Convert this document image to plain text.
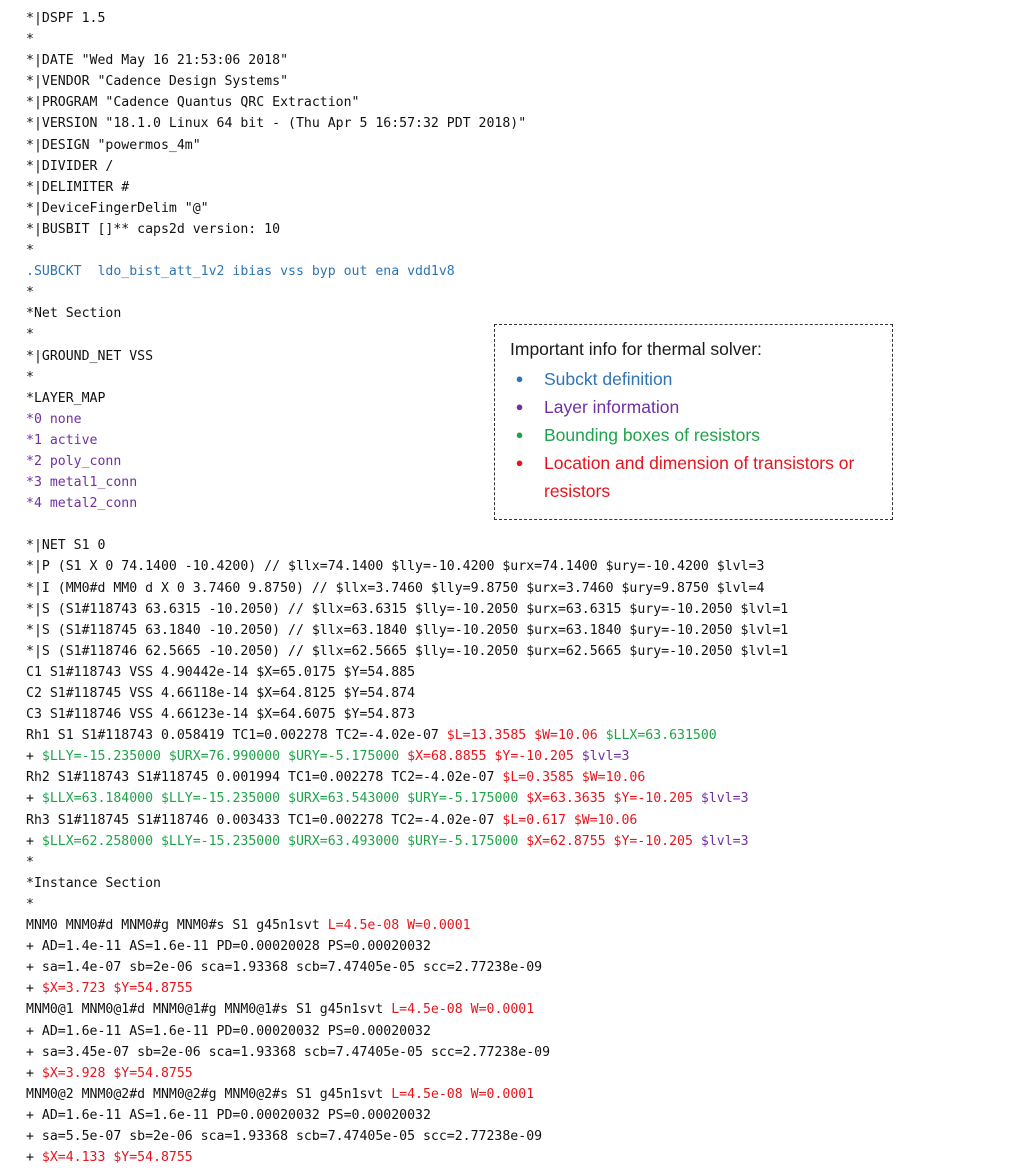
*|DSPF 1.5
*
*|DATE "Wed May 16 21:53:06 2018"
*|VENDOR "Cadence Design Systems"
*|PROGRAM "Cadence Quantus QRC Extraction"
*|VERSION "18.1.0 Linux 64 bit - (Thu Apr 5 16:57:32 PDT 2018)"
*|DESIGN "powermos_4m"
*|DIVIDER /
*|DELIMITER #
*|DeviceFingerDelim "@"
*|BUSBIT []** caps2d version: 10
*
.SUBCKT  ldo_bist_att_1v2 ibias vss byp out ena vdd1v8
*
*Net Section
*
*|GROUND_NET VSS
*
*LAYER_MAP
*0 none
*1 active
*2 poly_conn
*3 metal1_conn
*4 metal2_conn
*|NET S1 0
*|P (S1 X 0 74.1400 -10.4200) // $llx=74.1400 $lly=-10.4200 $urx=74.1400 $ury=-10.4200 $lvl=3
*|I (MM0#d MM0 d X 0 3.7460 9.8750) // $llx=3.7460 $lly=9.8750 $urx=3.7460 $ury=9.8750 $lvl=4
*|S (S1#118743 63.6315 -10.2050) // $llx=63.6315 $lly=-10.2050 $urx=63.6315 $ury=-10.2050 $lvl=1
*|S (S1#118745 63.1840 -10.2050) // $llx=63.1840 $lly=-10.2050 $urx=63.1840 $ury=-10.2050 $lvl=1
*|S (S1#118746 62.5665 -10.2050) // $llx=62.5665 $lly=-10.2050 $urx=62.5665 $ury=-10.2050 $lvl=1
C1 S1#118743 VSS 4.90442e-14 $X=65.0175 $Y=54.885
C2 S1#118745 VSS 4.66118e-14 $X=64.8125 $Y=54.874
C3 S1#118746 VSS 4.66123e-14 $X=64.6075 $Y=54.873
Rh1 S1 S1#118743 0.058419 TC1=0.002278 TC2=-4.02e-07 $L=13.3585 $W=10.06 $LLX=63.631500
+ $LLY=-15.235000 $URX=76.990000 $URY=-5.175000 $X=68.8855 $Y=-10.205 $lvl=3
Rh2 S1#118743 S1#118745 0.001994 TC1=0.002278 TC2=-4.02e-07 $L=0.3585 $W=10.06
+ $LLX=63.184000 $LLY=-15.235000 $URX=63.543000 $URY=-5.175000 $X=63.3635 $Y=-10.205 $lvl=3
Rh3 S1#118745 S1#118746 0.003433 TC1=0.002278 TC2=-4.02e-07 $L=0.617 $W=10.06
+ $LLX=62.258000 $LLY=-15.235000 $URX=63.493000 $URY=-5.175000 $X=62.8755 $Y=-10.205 $lvl=3
*
*Instance Section
*
MNM0 MNM0#d MNM0#g MNM0#s S1 g45n1svt L=4.5e-08 W=0.0001
+ AD=1.4e-11 AS=1.6e-11 PD=0.00020028 PS=0.00020032
+ sa=1.4e-07 sb=2e-06 sca=1.93368 scb=7.47405e-05 scc=2.77238e-09
+ $X=3.723 $Y=54.8755
MNM0@1 MNM0@1#d MNM0@1#g MNM0@1#s S1 g45n1svt L=4.5e-08 W=0.0001
+ AD=1.6e-11 AS=1.6e-11 PD=0.00020032 PS=0.00020032
+ sa=3.45e-07 sb=2e-06 sca=1.93368 scb=7.47405e-05 scc=2.77238e-09
+ $X=3.928 $Y=54.8755
MNM0@2 MNM0@2#d MNM0@2#g MNM0@2#s S1 g45n1svt L=4.5e-08 W=0.0001
+ AD=1.6e-11 AS=1.6e-11 PD=0.00020032 PS=0.00020032
+ sa=5.5e-07 sb=2e-06 sca=1.93368 scb=7.47405e-05 scc=2.77238e-09
+ $X=4.133 $Y=54.8755
Important info for thermal solver:
●	Subckt definition
●	Layer information
●	Bounding boxes of resistors
●	Location and dimension of transistors or resistors
